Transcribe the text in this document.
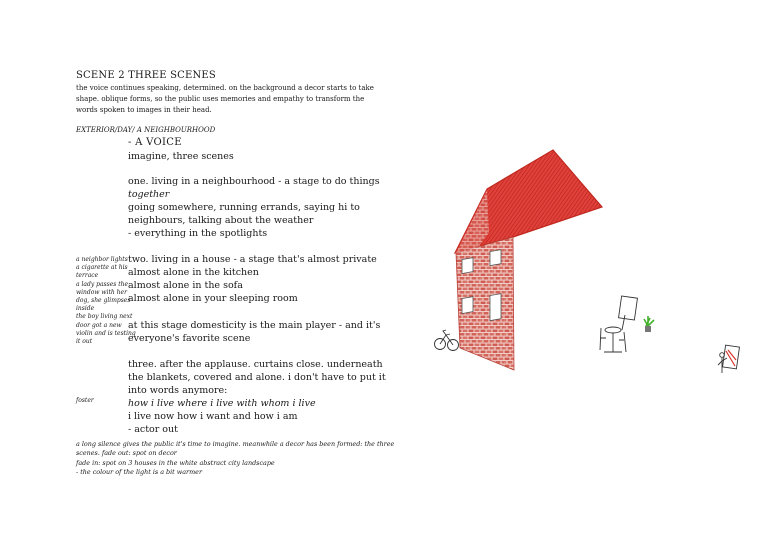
SCENE 2 THREE SCENES
the voice continues speaking, determined. on the background a decor starts to take
shape. oblique forms, so the public uses memories and empathy to transform the
words spoken to images in their head.
EXTERIOR/DAY/ A NEIGHBOURHOOD
- A VOICE
imagine, three scenes
one. living in a neighbourhood - a stage to do things
together
going somewhere, running errands, saying hi to
neighbours, talking about the weather
- everything in the spotlights
two. living in a house - a stage that's almost private
almost alone in the kitchen
almost alone in the sofa
almost alone in your sleeping room
at this stage domesticity is the main player - and it's
everyone's favorite scene
three. after the applause. curtains close. underneath
the blankets, covered and alone. i don't have to put it
into words anymore:
how i live where i live with whom i live
i live now how i want and how i am
- actor out
a neighbor lights
a cigarette at his
terrace
a lady passes the
window with her
dog, she glimpses
inside
the boy living next
door got a new
violin and is testing
it out
foster
a long silence gives the public it's time to imagine. meanwhile a decor has been formed: the three
scenes. fade out: spot on decor
fade in: spot on 3 houses in the white abstract city landscape
- the colour of the light is a bit warmer
